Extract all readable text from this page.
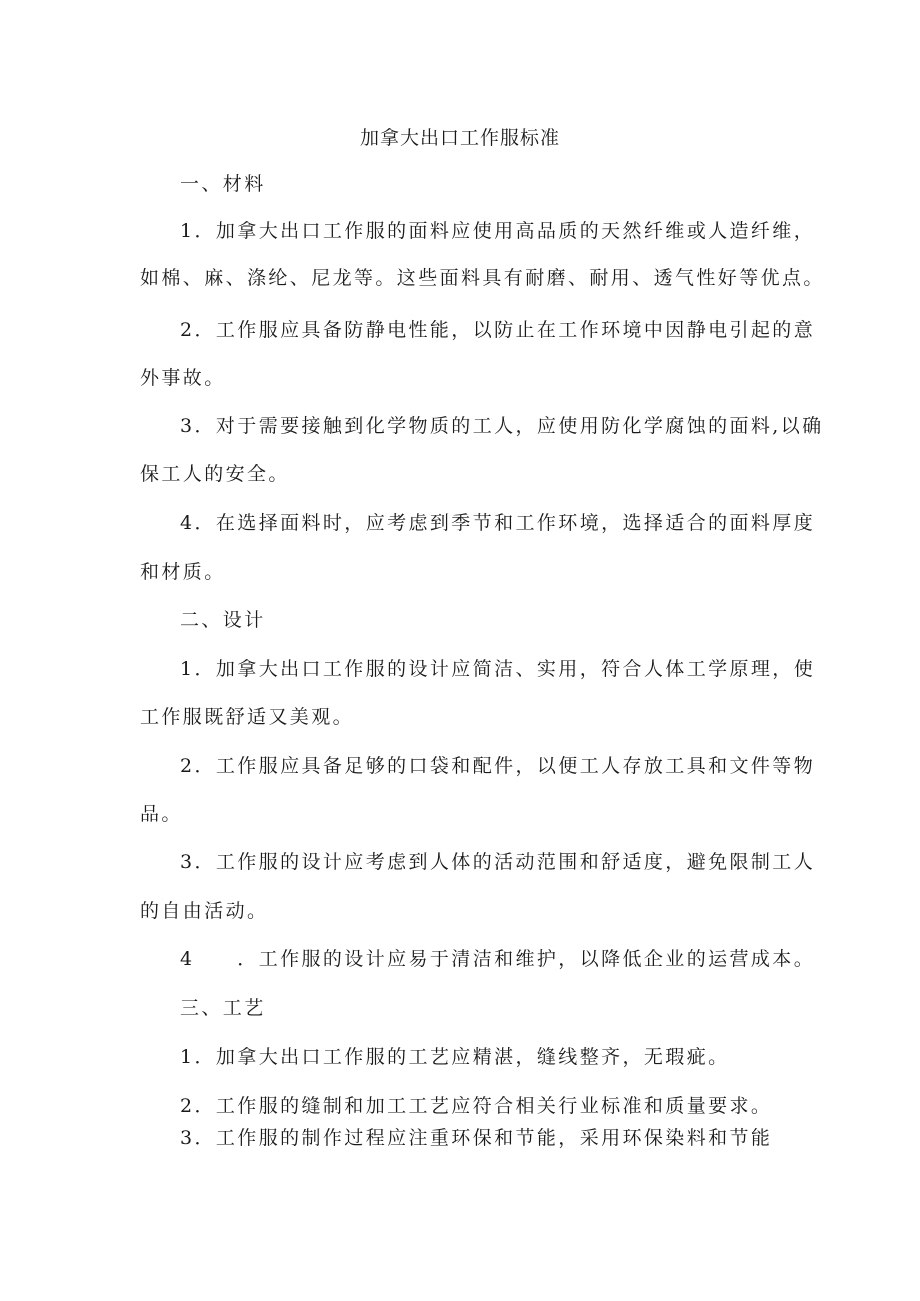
加拿大出口工作服标准

一、材料

1．加拿大出口工作服的面料应使用高品质的天然纤维或人造纤维，

如棉、麻、涤纶、尼龙等。这些面料具有耐磨、耐用、透气性好等优点。

2．工作服应具备防静电性能，以防止在工作环境中因静电引起的意

外事故。

3．对于需要接触到化学物质的工人，应使用防化学腐蚀的面料,以确

保工人的安全。

4．在选择面料时，应考虑到季节和工作环境，选择适合的面料厚度

和材质。

二、设计

1．加拿大出口工作服的设计应简洁、实用，符合人体工学原理，使

工作服既舒适又美观。

2．工作服应具备足够的口袋和配件，以便工人存放工具和文件等物

品。

3．工作服的设计应考虑到人体的活动范围和舒适度，避免限制工人

的自由活动。

4　　．工作服的设计应易于清洁和维护，以降低企业的运营成本。

三、工艺

1．加拿大出口工作服的工艺应精湛，缝线整齐，无瑕疵。

2．工作服的缝制和加工工艺应符合相关行业标准和质量要求。

3．工作服的制作过程应注重环保和节能，采用环保染料和节能
